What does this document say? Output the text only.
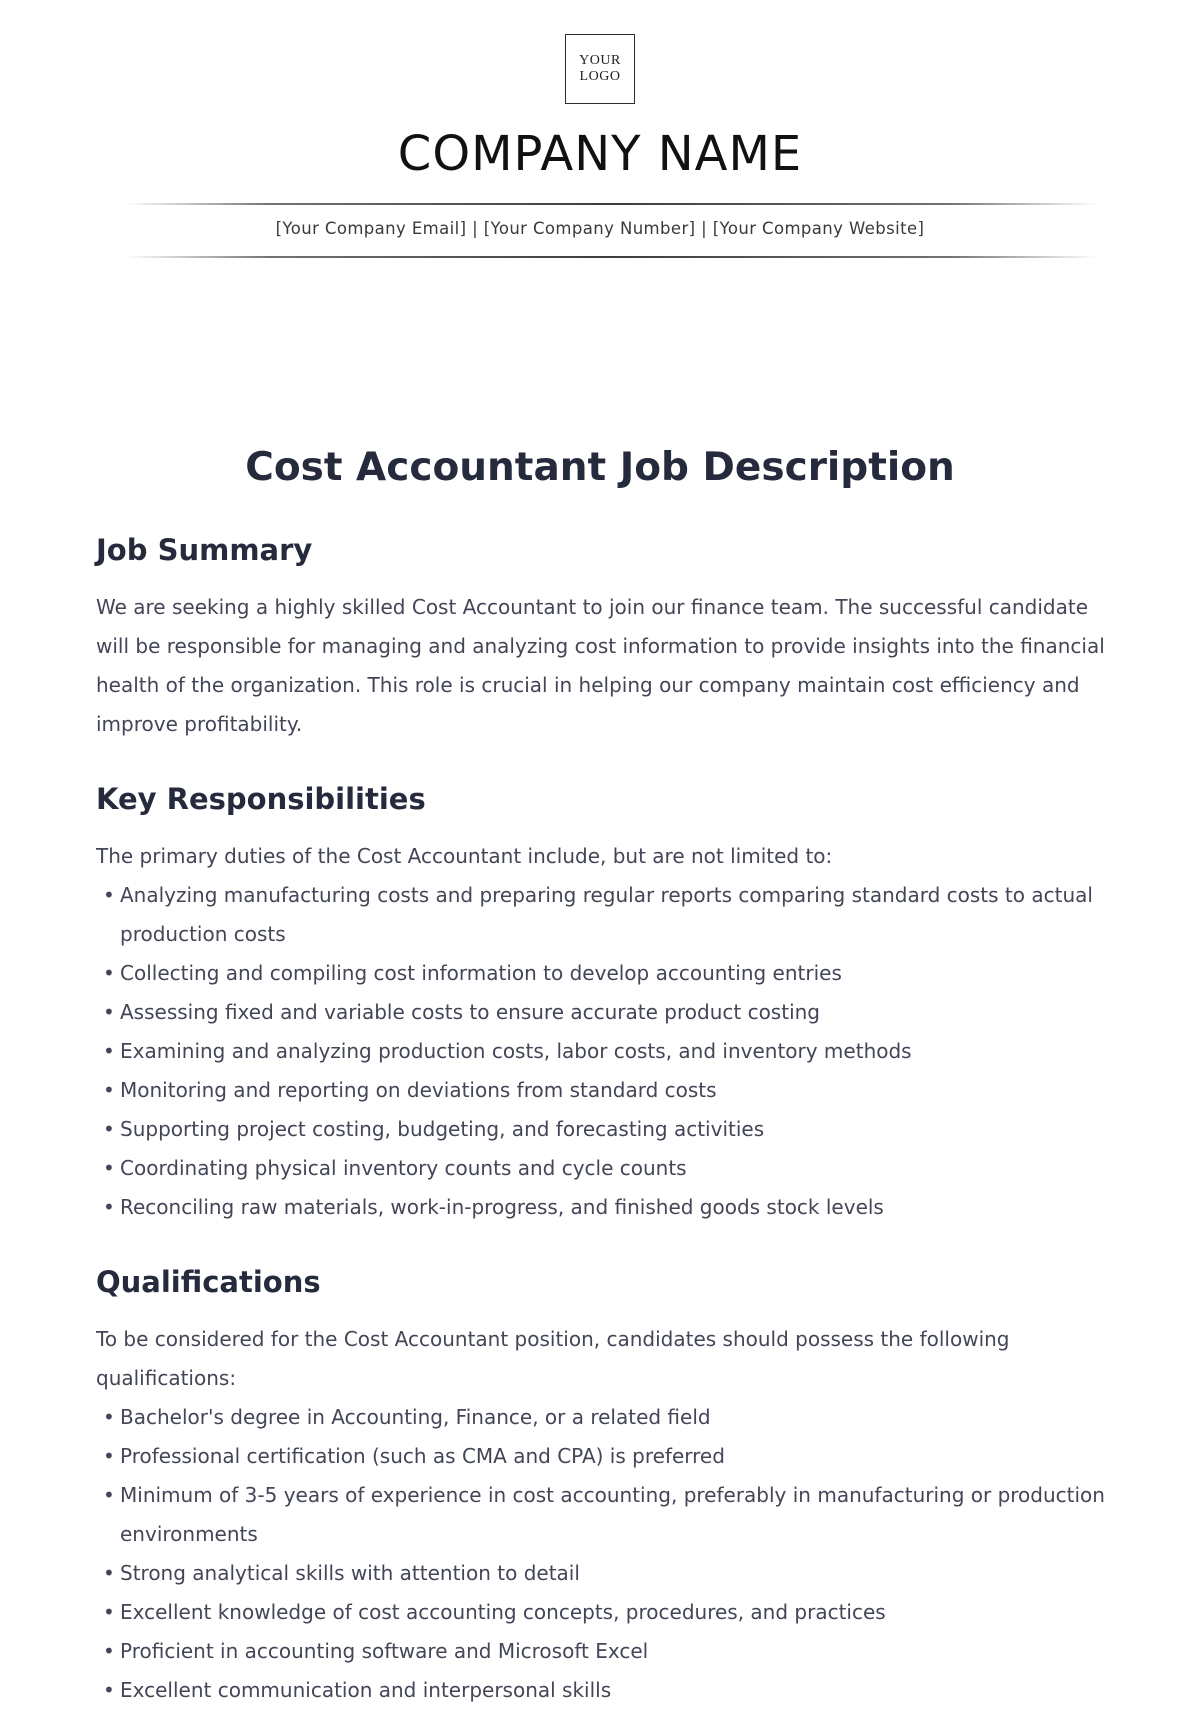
YOUR
LOGO
COMPANY NAME
[Your Company Email] | [Your Company Number] | [Your Company Website]
Cost Accountant Job Description
Job Summary

We are seeking a highly skilled Cost Accountant to join our finance team. The successful candidate will be responsible for managing and analyzing cost information to provide insights into the financial health of the organization. This role is crucial in helping our company maintain cost efficiency and improve profitability.

Key Responsibilities

The primary duties of the Cost Accountant include, but are not limited to:

• Analyzing manufacturing costs and preparing regular reports comparing standard costs to actual production costs
• Collecting and compiling cost information to develop accounting entries
• Assessing fixed and variable costs to ensure accurate product costing
• Examining and analyzing production costs, labor costs, and inventory methods
• Monitoring and reporting on deviations from standard costs
• Supporting project costing, budgeting, and forecasting activities
• Coordinating physical inventory counts and cycle counts
• Reconciling raw materials, work-in-progress, and finished goods stock levels
Qualifications

To be considered for the Cost Accountant position, candidates should possess the following qualifications:

• Bachelor's degree in Accounting, Finance, or a related field
• Professional certification (such as CMA and CPA) is preferred
• Minimum of 3-5 years of experience in cost accounting, preferably in manufacturing or production environments
• Strong analytical skills with attention to detail
• Excellent knowledge of cost accounting concepts, procedures, and practices
• Proficient in accounting software and Microsoft Excel
• Excellent communication and interpersonal skills
